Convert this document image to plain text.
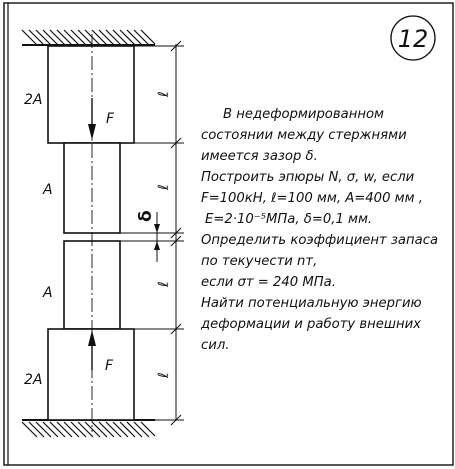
2A
A
A
2A
F
F
δ
ℓ
ℓ
ℓ
ℓ
12
В недеформированном
состоянии между стержнями
имеется зазор δ.
Построить эпюры N, σ, w, если
F=100кН, ℓ=100 мм, А=400 мм ,
Е=2·10⁻⁵МПа, δ=0,1 мм.
Определить коэффициент запаса
по текучести nт,
если σт = 240 МПа.
Найти потенциальную энергию
деформации и работу внешних
сил.
